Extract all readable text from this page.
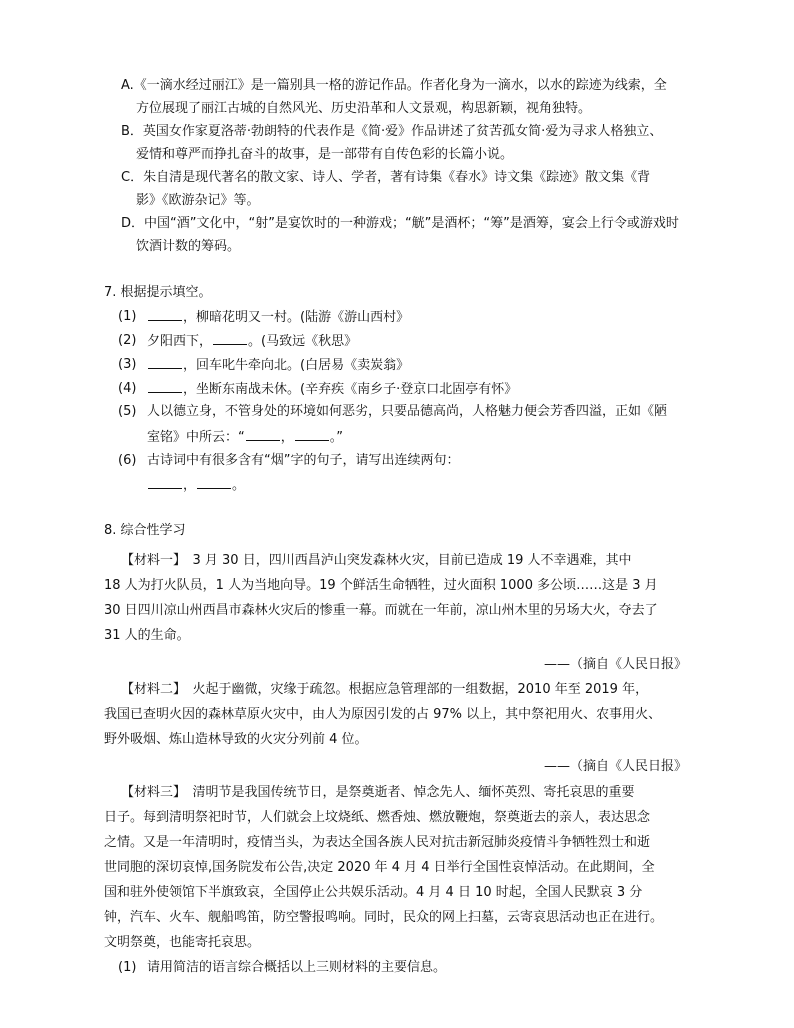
A.《一滴水经过丽江》是一篇别具一格的游记作品。作者化身为一滴水，以水的踪迹为线索，全
方位展现了丽江古城的自然风光、历史沿革和人文景观，构思新颖，视角独特。
B．英国女作家夏洛蒂·勃朗特的代表作是《简·爱》作品讲述了贫苦孤女简·爱为寻求人格独立、
爱情和尊严而挣扎奋斗的故事，是一部带有自传色彩的长篇小说。
C．朱自清是现代著名的散文家、诗人、学者，著有诗集《春水》诗文集《踪迹》散文集《背
影》《欧游杂记》等。
D．中国“酒”文化中，“射”是宴饮时的一种游戏；“觥”是酒杯；“筹”是酒筹，宴会上行令或游戏时
饮酒计数的筹码。
7. 根据提示填空。
(1)	，柳暗花明又一村。(陆游《游山西村》
(2) 夕阳西下，	。(马致远《秋思》
(3)	，回车叱牛牵向北。(白居易《卖炭翁》
(4)	，坐断东南战未休。(辛弃疾《南乡子·登京口北固亭有怀》
(5) 人以德立身，不管身处的环境如何恶劣，只要品德高尚，人格魅力便会芳香四溢，正如《陋
室铭》中所云：“	，	。”
(6) 古诗词中有很多含有“烟”字的句子，请写出连续两句：
，	。
8. 综合性学习
【材料一】　3 月 30 日，四川西昌泸山突发森林火灾，目前已造成 19 人不幸遇难，其中
18 人为打火队员，1 人为当地向导。19 个鲜活生命牺牲，过火面积 1000 多公顷……这是 3 月
30 日四川凉山州西昌市森林火灾后的惨重一幕。而就在一年前，凉山州木里的另场大火，夺去了
31 人的生命。
——（摘自《人民日报》
【材料二】　火起于幽微，灾缘于疏忽。根据应急管理部的一组数据，2010 年至 2019 年，
我国已查明火因的森林草原火灾中，由人为原因引发的占 97% 以上，其中祭祀用火、农事用火、
野外吸烟、炼山造林导致的火灾分列前 4 位。
——（摘自《人民日报》
【材料三】　清明节是我国传统节日，是祭奠逝者、悼念先人、缅怀英烈、寄托哀思的重要
日子。每到清明祭祀时节，人们就会上坟烧纸、燃香烛、燃放鞭炮，祭奠逝去的亲人，表达思念
之情。又是一年清明时，疫情当头，为表达全国各族人民对抗击新冠肺炎疫情斗争牺牲烈士和逝
世同胞的深切哀悼,国务院发布公告,决定 2020 年 4 月 4 日举行全国性哀悼活动。在此期间，全
国和驻外使领馆下半旗致哀，全国停止公共娱乐活动。4 月 4 日 10 时起，全国人民默哀 3 分
钟，汽车、火车、舰船鸣笛，防空警报鸣响。同时，民众的网上扫墓，云寄哀思活动也正在进行。
文明祭奠，也能寄托哀思。
(1) 请用简洁的语言综合概括以上三则材料的主要信息。
